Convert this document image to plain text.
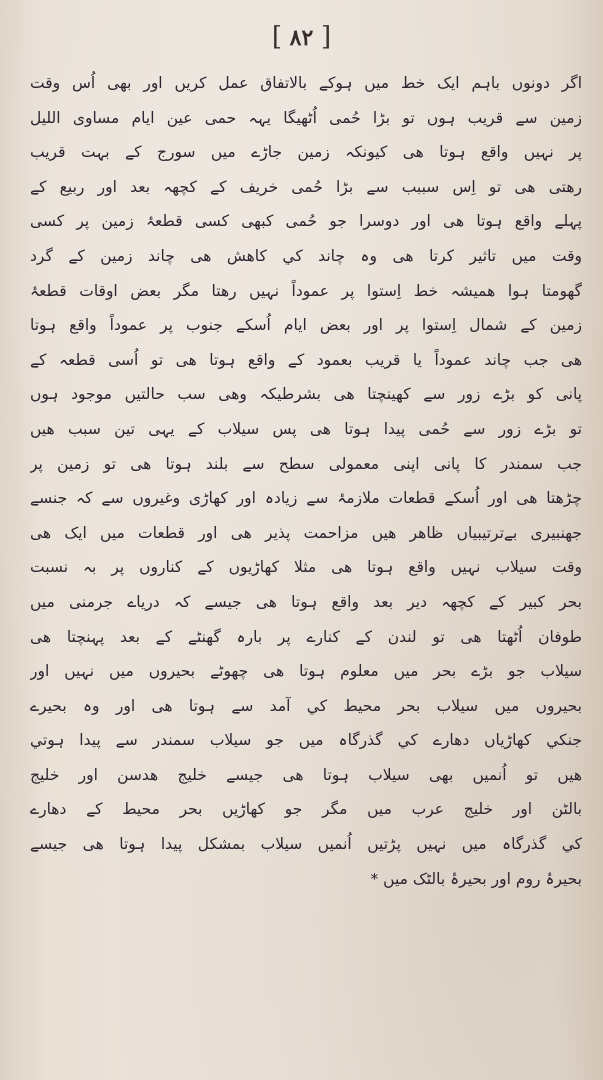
[ ۸۲ ]
اگر دونوں باہم ایک خط میں ہوکے بالاتفاق عمل کریں اور بھی اُس وقت
زمین سے قریب ہوں تو بڑا حُمی اُٹھیگا یہہ حمی عین ایام مساوی اللیل
پر نہیں واقع ہوتا ھی کیونکہ زمین جاڑے میں سورج کے بہت قریب
رھتی ھی تو اِس سببب سے بڑا حُمی خریف کے کچھہ بعد اور ربیع کے
پہلے واقع ہوتا ھی اور دوسرا جو حُمی کبھی کسی قطعۂ زمین پر کسی
وقت میں تاثیر کرتا ھی وہ چاند کي کاهش ھی چاند زمین کے گرد
گھومتا ہوا ھمیشہ خط اِستوا پر عموداً نہیں رھتا مگر بعض اوقات قطعۂ
زمین کے شمال اِستوا پر اور بعض ایام اُسکے جنوب پر عموداً واقع ہوتا
ھی جب چاند عموداً یا قریب بعمود کے واقع ہوتا ھی تو اُسی قطعہ کے
پانی کو بڑے زور سے کھینچتا ھی بشرطیکہ وھی سب حالتیں موجود ہوں
تو بڑے زور سے حُمی پیدا ہوتا ھی پس سیلاب کے یہی تین سبب ھیں
جب سمندر کا پانی اپنی معمولی سطح سے بلند ہوتا ھی تو زمین پر
چڑھتا ھی اور اُسکے قطعات ملازمۂ سے زیادہ اور کھاڑی وغیروں سے کہ جنسے
جھنبیری بےترتیبیاں ظاھر ھیں مزاحمت پذیر ھی اور قطعات میں ایک ھی
وقت سیلاب نہیں واقع ہوتا ھی مثلا کھاڑیوں کے کناروں پر بہ نسبت
بحر کبیر کے کچھہ دیر بعد واقع ہوتا ھی جیسے کہ دریاے جرمنی میں
طوفان اُٹھتا ھی تو لندن کے کنارے پر بارہ گھنٹے کے بعد پہنچتا ھی
سیلاب جو بڑے بحر میں معلوم ہوتا ھی چھوٹے بحیروں میں نہیں اور
بحیروں میں سیلاب بحر محیط کي آمد سے ہوتا ھی اور وہ بحیرے
جنکي کھاڑیاں دھارے کي گذرگاہ میں جو سیلاب سمندر سے پیدا ہوتي
ھیں تو اُنمیں بھی سیلاب ہوتا ھی جیسے خلیج ھدسن اور خلیج
بالٹن اور خلیج عرب میں مگر جو کھاڑیں بحر محیط کے دھارے
کي گذرگاہ میں نہیں پڑتیں اُنمیں سیلاب بمشکل پیدا ہوتا ھی جیسے
بحیرۂ روم اور بحیرۂ بالٹک میں *
